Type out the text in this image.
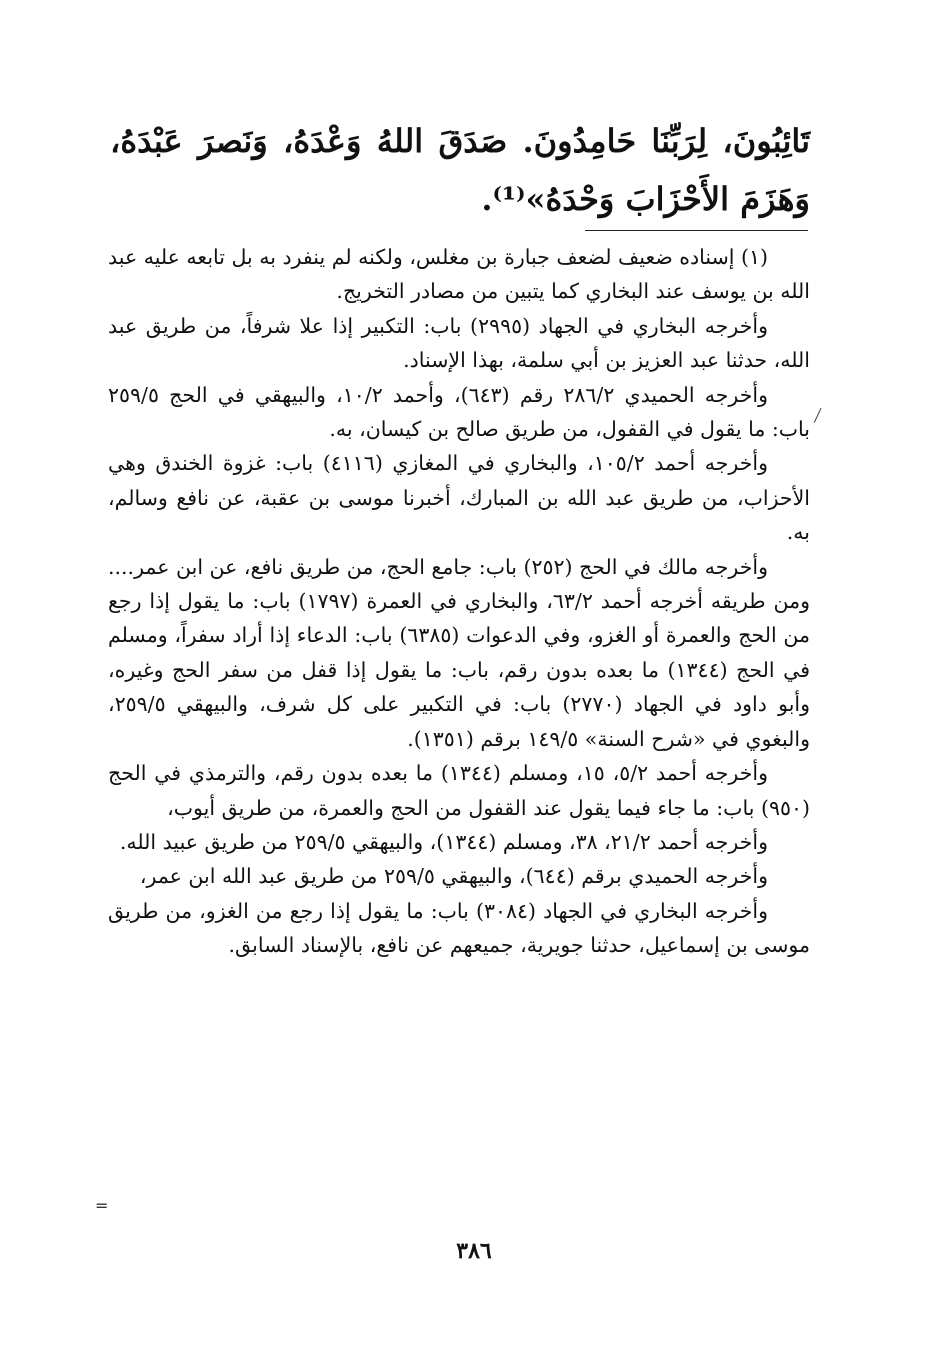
تَائِبُونَ، لِرَبِّنَا حَامِدُونَ. صَدَقَ اللهُ وَعْدَهُ، وَنَصرَ عَبْدَهُ، وَهَزَمَ الأَحْزَابَ وَحْدَهُ»⁽¹⁾.

(١) إسناده ضعيف لضعف جبارة بن مغلس، ولكنه لم ينفرد به بل تابعه عليه عبد الله بن يوسف عند البخاري كما يتبين من مصادر التخريج.

وأخرجه البخاري في الجهاد (٢٩٩٥) باب: التكبير إذا علا شرفاً، من طريق عبد الله، حدثنا عبد العزيز بن أبي سلمة، بهذا الإسناد.

وأخرجه الحميدي ٢٨٦/٢ رقم (٦٤٣)، وأحمد ١٠/٢، والبيهقي في الحج ٢٥٩/٥ باب: ما يقول في القفول، من طريق صالح بن كيسان، به.

وأخرجه أحمد ١٠٥/٢، والبخاري في المغازي (٤١١٦) باب: غزوة الخندق وهي الأحزاب، من طريق عبد الله بن المبارك، أخبرنا موسى بن عقبة، عن نافع وسالم، به.

وأخرجه مالك في الحج (٢٥٢) باب: جامع الحج، من طريق نافع، عن ابن عمر.... ومن طريقه أخرجه أحمد ٦٣/٢، والبخاري في العمرة (١٧٩٧) باب: ما يقول إذا رجع من الحج والعمرة أو الغزو، وفي الدعوات (٦٣٨٥) باب: الدعاء إذا أراد سفراً، ومسلم في الحج (١٣٤٤) ما بعده بدون رقم، باب: ما يقول إذا قفل من سفر الحج وغيره، وأبو داود في الجهاد (٢٧٧٠) باب: في التكبير على كل شرف، والبيهقي ٢٥٩/٥، والبغوي في «شرح السنة» ١٤٩/٥ برقم (١٣٥١).

وأخرجه أحمد ٥/٢، ١٥، ومسلم (١٣٤٤) ما بعده بدون رقم، والترمذي في الحج (٩٥٠) باب: ما جاء فيما يقول عند القفول من الحج والعمرة، من طريق أيوب،

وأخرجه أحمد ٢١/٢، ٣٨، ومسلم (١٣٤٤)، والبيهقي ٢٥٩/٥ من طريق عبيد الله.

وأخرجه الحميدي برقم (٦٤٤)، والبيهقي ٢٥٩/٥ من طريق عبد الله ابن عمر،

وأخرجه البخاري في الجهاد (٣٠٨٤) باب: ما يقول إذا رجع من الغزو، من طريق موسى بن إسماعيل، حدثنا جويرية، جميعهم عن نافع، بالإسناد السابق.

=
٣٨٦
